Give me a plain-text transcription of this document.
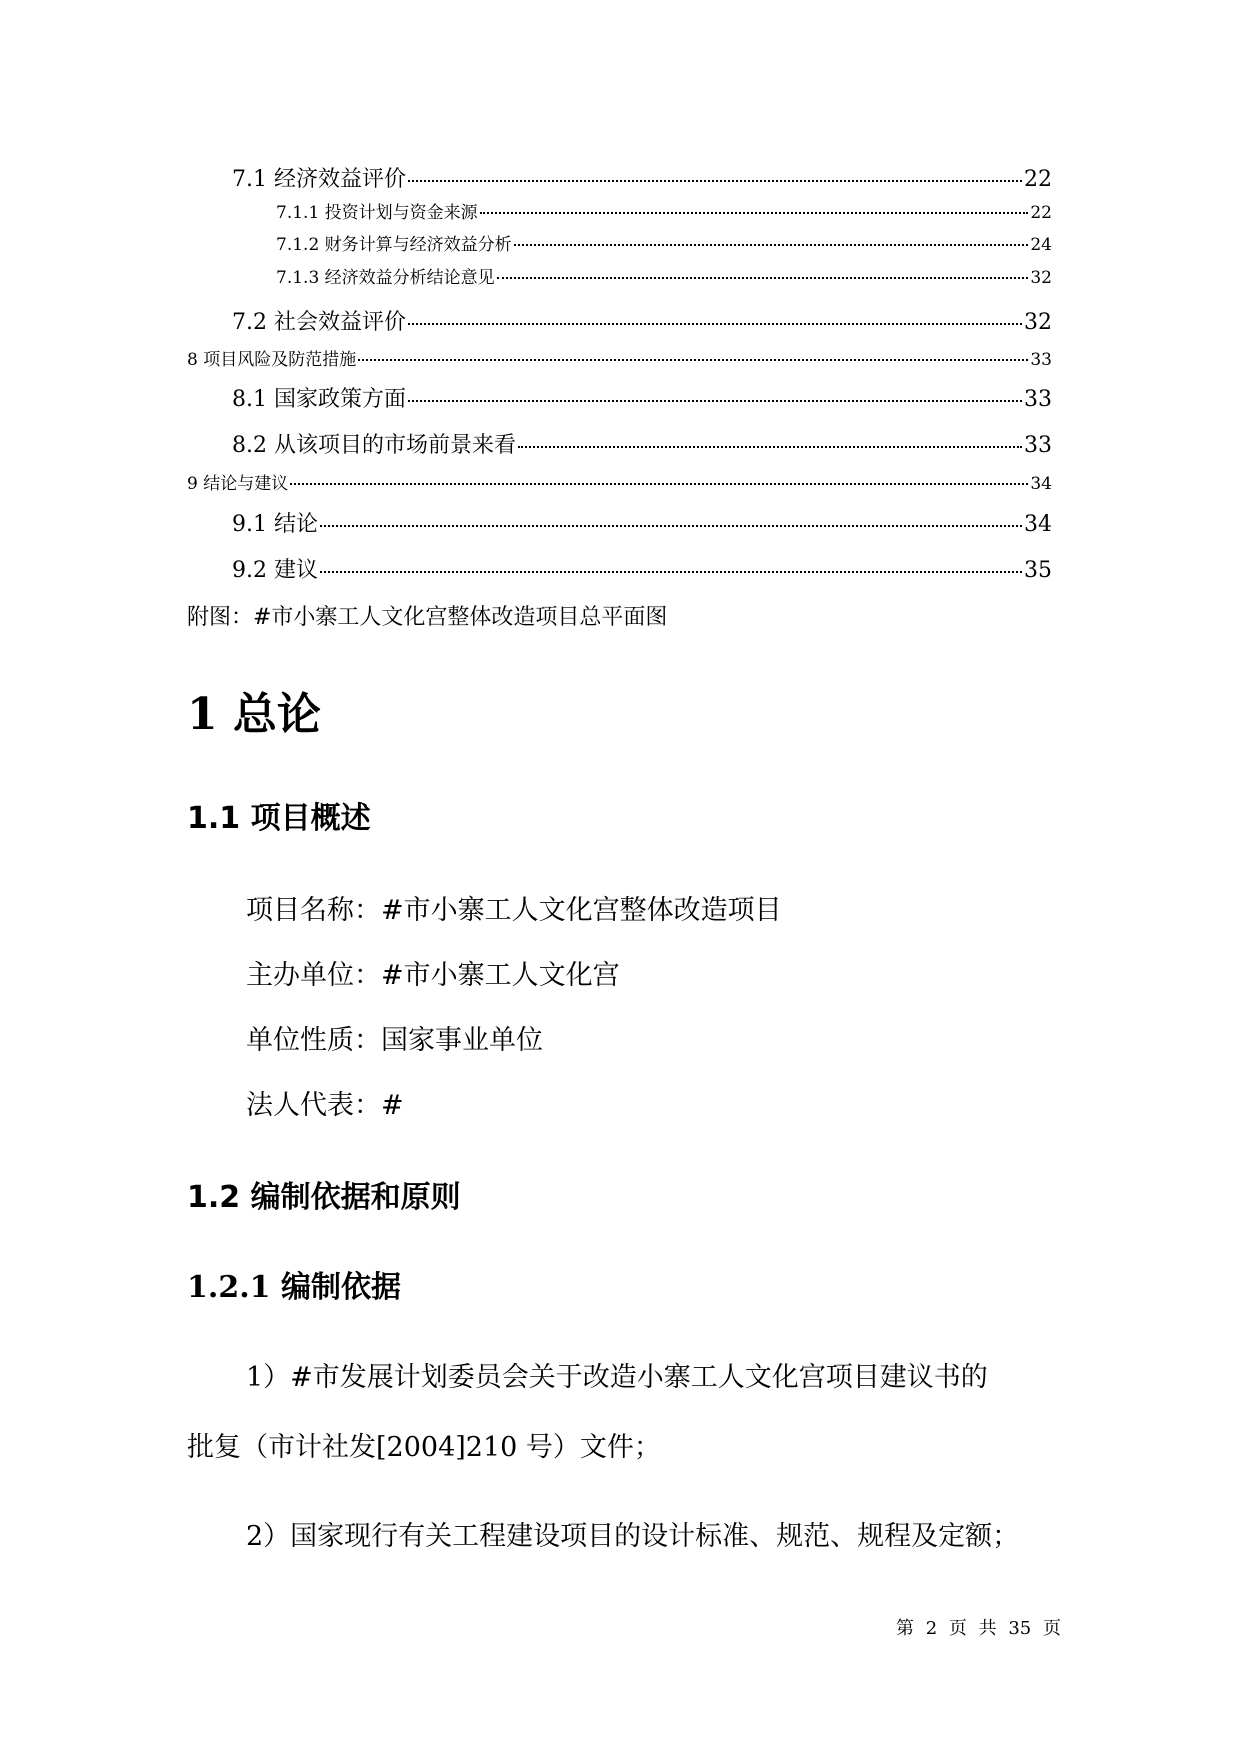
7.1 经济效益评价	22
7.1.1 投资计划与资金来源	22
7.1.2 财务计算与经济效益分析	24
7.1.3 经济效益分析结论意见	32
7.2 社会效益评价	32
8 项目风险及防范措施	33
8.1 国家政策方面	33
8.2 从该项目的市场前景来看	33
9 结论与建议	34
9.1 结论	34
9.2 建议	35
附图：#市小寨工人文化宫整体改造项目总平面图
1 总论
1.1 项目概述
项目名称：#市小寨工人文化宫整体改造项目
主办单位：#市小寨工人文化宫
单位性质：国家事业单位
法人代表：#
1.2 编制依据和原则
1.2.1 编制依据
1）#市发展计划委员会关于改造小寨工人文化宫项目建议书的
批复（市计社发[2004]210 号）文件；
2）国家现行有关工程建设项目的设计标准、规范、规程及定额；
第 2 页 共 35 页
